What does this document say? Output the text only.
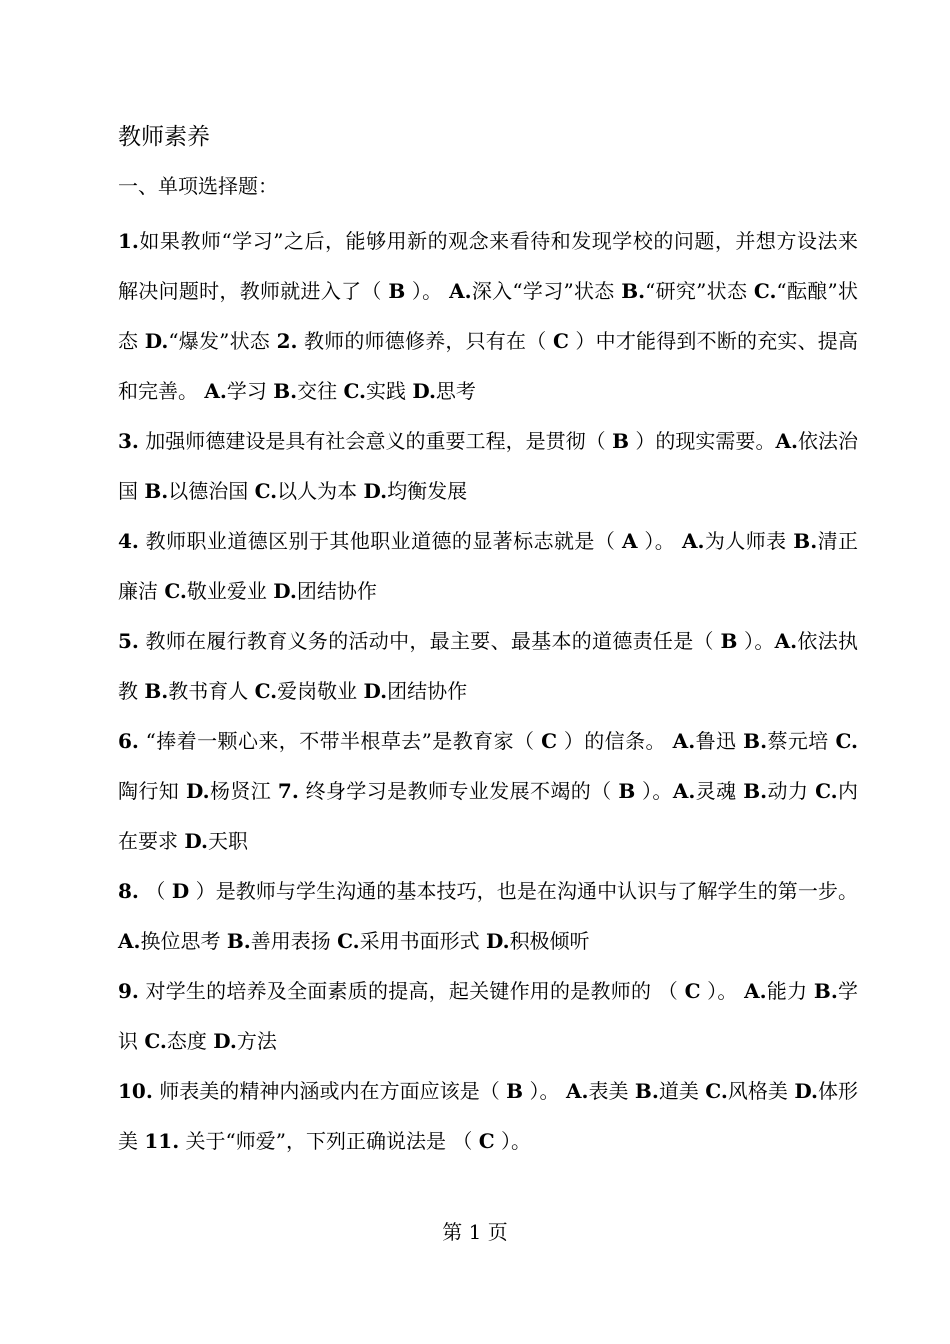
教师素养
一、单项选择题：

1.如果教师“学习”之后，能够用新的观念来看待和发现学校的问题，并想方设法来解决问题时，教师就进入了（ B ）。 A.深入“学习”状态 B.“研究”状态 C.“酝酿”状态 D.“爆发”状态 2. 教师的师德修养，只有在（ C ）中才能得到不断的充实、提高和完善。 A.学习 B.交往 C.实践 D.思考

3. 加强师德建设是具有社会意义的重要工程，是贯彻（ B ）的现实需要。A.依法治国 B.以德治国 C.以人为本 D.均衡发展

4. 教师职业道德区别于其他职业道德的显著标志就是（ A ）。 A.为人师表 B.清正廉洁 C.敬业爱业 D.团结协作

5. 教师在履行教育义务的活动中，最主要、最基本的道德责任是（ B ）。A.依法执教 B.教书育人 C.爱岗敬业 D.团结协作

6. “捧着一颗心来，不带半根草去”是教育家（ C ）的信条。 A.鲁迅 B.蔡元培 C.陶行知 D.杨贤江 7. 终身学习是教师专业发展不竭的（ B ）。A.灵魂 B.动力 C.内在要求 D.天职

8. （ D ）是教师与学生沟通的基本技巧，也是在沟通中认识与了解学生的第一步。 A.换位思考 B.善用表扬 C.采用书面形式 D.积极倾听

9. 对学生的培养及全面素质的提高，起关键作用的是教师的 （ C ）。 A.能力 B.学识 C.态度 D.方法

10. 师表美的精神内涵或内在方面应该是（ B ）。 A.表美 B.道美 C.风格美 D.体形美 11. 关于“师爱”，下列正确说法是 （ C ）。

第 1 页
